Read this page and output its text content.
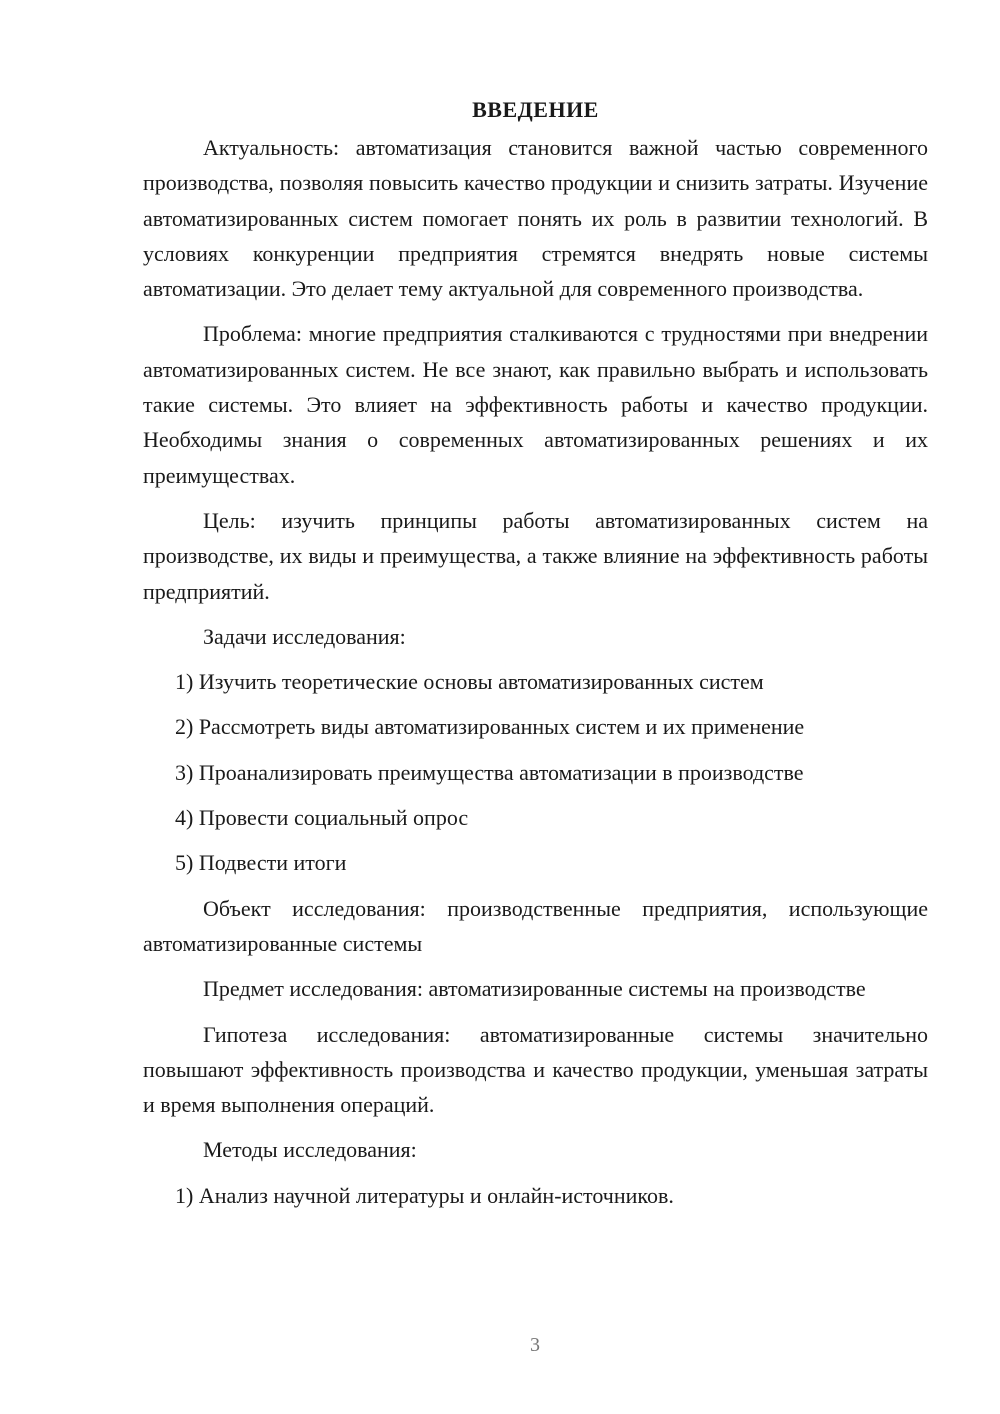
ВВЕДЕНИЕ

Актуальность: автоматизация становится важной частью современного производства, позволяя повысить качество продукции и снизить затраты. Изучение автоматизированных систем помогает понять их роль в развитии технологий. В условиях конкуренции предприятия стремятся внедрять новые системы автоматизации. Это делает тему актуальной для современного производства.

Проблема: многие предприятия сталкиваются с трудностями при внедрении автоматизированных систем. Не все знают, как правильно выбрать и использовать такие системы. Это влияет на эффективность работы и качество продукции. Необходимы знания о современных автоматизированных решениях и их преимуществах.

Цель: изучить принципы работы автоматизированных систем на производстве, их виды и преимущества, а также влияние на эффективность работы предприятий.

Задачи исследования:

1) Изучить теоретические основы автоматизированных систем

2) Рассмотреть виды автоматизированных систем и их применение

3) Проанализировать преимущества автоматизации в производстве

4) Провести социальный опрос

5) Подвести итоги

Объект исследования: производственные предприятия, использующие автоматизированные системы

Предмет исследования: автоматизированные системы на производстве

Гипотеза исследования: автоматизированные системы значительно повышают эффективность производства и качество продукции, уменьшая затраты и время выполнения операций.

Методы исследования:

1) Анализ научной литературы и онлайн-источников.

3
